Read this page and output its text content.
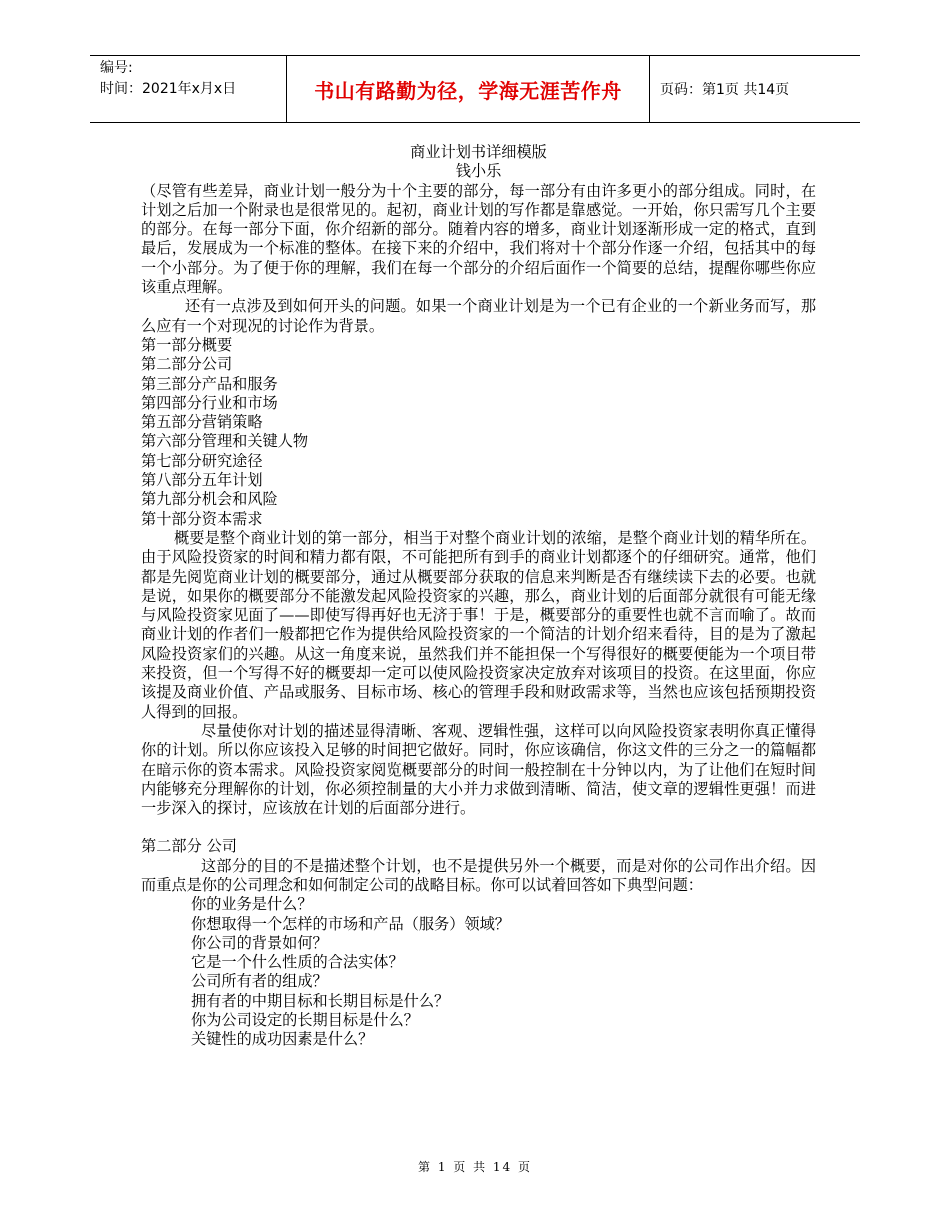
编号:
时间：2021年x月x日	书山有路勤为径，学海无涯苦作舟	页码：第1页 共14页
商业计划书详细模版
钱小乐

（尽管有些差异，商业计划一般分为十个主要的部分，每一部分有由许多更小的部分组成。同时，在计划之后加一个附录也是很常见的。起初，商业计划的写作都是靠感觉。一开始，你只需写几个主要的部分。在每一部分下面，你介绍新的部分。随着内容的增多，商业计划逐渐形成一定的格式，直到最后，发展成为一个标准的整体。在接下来的介绍中，我们将对十个部分作逐一介绍，包括其中的每一个小部分。为了便于你的理解，我们在每一个部分的介绍后面作一个简要的总结，提醒你哪些你应该重点理解。

还有一点涉及到如何开头的问题。如果一个商业计划是为一个已有企业的一个新业务而写，那么应有一个对现况的讨论作为背景。

第一部分概要
第二部分公司
第三部分产品和服务
第四部分行业和市场
第五部分营销策略
第六部分管理和关键人物
第七部分研究途径
第八部分五年计划
第九部分机会和风险
第十部分资本需求

概要是整个商业计划的第一部分，相当于对整个商业计划的浓缩，是整个商业计划的精华所在。由于风险投资家的时间和精力都有限，不可能把所有到手的商业计划都逐个的仔细研究。通常，他们都是先阅览商业计划的概要部分，通过从概要部分获取的信息来判断是否有继续读下去的必要。也就是说，如果你的概要部分不能激发起风险投资家的兴趣，那么，商业计划的后面部分就很有可能无缘与风险投资家见面了——即使写得再好也无济于事！于是，概要部分的重要性也就不言而喻了。故而商业计划的作者们一般都把它作为提供给风险投资家的一个简洁的计划介绍来看待，目的是为了激起风险投资家们的兴趣。从这一角度来说，虽然我们并不能担保一个写得很好的概要便能为一个项目带来投资，但一个写得不好的概要却一定可以使风险投资家决定放弃对该项目的投资。在这里面，你应该提及商业价值、产品或服务、目标市场、核心的管理手段和财政需求等，当然也应该包括预期投资人得到的回报。

尽量使你对计划的描述显得清晰、客观、逻辑性强，这样可以向风险投资家表明你真正懂得你的计划。所以你应该投入足够的时间把它做好。同时，你应该确信，你这文件的三分之一的篇幅都在暗示你的资本需求。风险投资家阅览概要部分的时间一般控制在十分钟以内，为了让他们在短时间内能够充分理解你的计划，你必须控制量的大小并力求做到清晰、简洁，使文章的逻辑性更强！而进一步深入的探讨，应该放在计划的后面部分进行。

第二部分 公司

这部分的目的不是描述整个计划，也不是提供另外一个概要，而是对你的公司作出介绍。因而重点是你的公司理念和如何制定公司的战略目标。你可以试着回答如下典型问题：

你的业务是什么？
你想取得一个怎样的市场和产品（服务）领域？
你公司的背景如何？
它是一个什么性质的合法实体？
公司所有者的组成？
拥有者的中期目标和长期目标是什么？
你为公司设定的长期目标是什么？
关键性的成功因素是什么？
第 1 页 共 14 页
